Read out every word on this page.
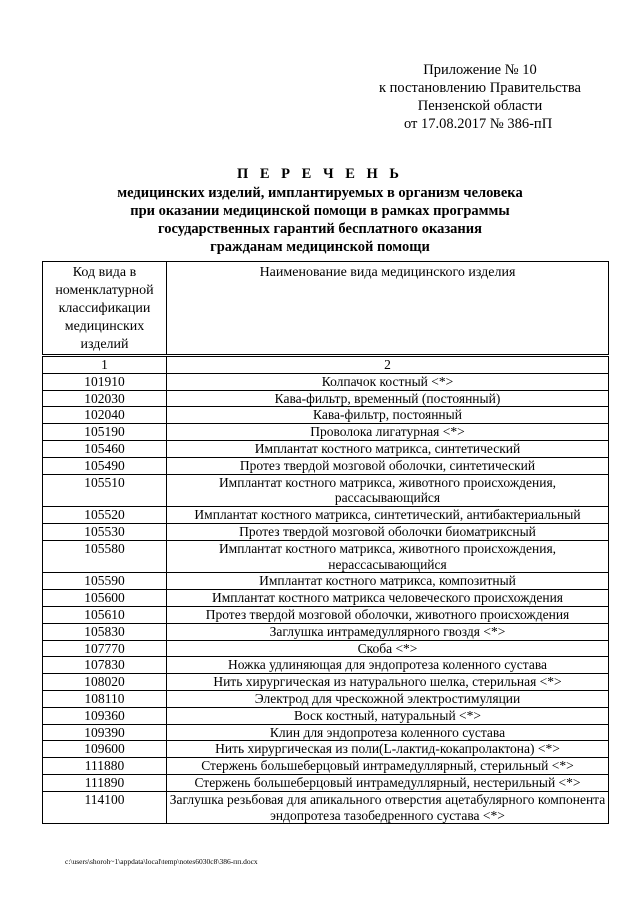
Приложение № 10
к постановлению Правительства
Пензенской области
от 17.08.2017 № 386-пП
П Е Р Е Ч Е Н Ь
медицинских изделий, имплантируемых в организм человека
при оказании медицинской помощи в рамках программы
государственных гарантий бесплатного оказания
гражданам медицинской помощи
Код вида в номенклатурной классификации медицинских изделий	Наименование вида медицинского изделия
1	2
101910	Колпачок костный <*>
102030	Кава-фильтр, временный (постоянный)
102040	Кава-фильтр, постоянный
105190	Проволока лигатурная <*>
105460	Имплантат костного матрикса, синтетический
105490	Протез твердой мозговой оболочки, синтетический
105510	Имплантат костного матрикса, животного происхождения, рассасывающийся
105520	Имплантат костного матрикса, синтетический, антибактериальный
105530	Протез твердой мозговой оболочки биоматриксный
105580	Имплантат костного матрикса, животного происхождения, нерассасывающийся
105590	Имплантат костного матрикса, композитный
105600	Имплантат костного матрикса человеческого происхождения
105610	Протез твердой мозговой оболочки, животного происхождения
105830	Заглушка интрамедуллярного гвоздя <*>
107770	Скоба <*>
107830	Ножка удлиняющая для эндопротеза коленного сустава
108020	Нить хирургическая из натурального шелка, стерильная <*>
108110	Электрод для чрескожной электростимуляции
109360	Воск костный, натуральный <*>
109390	Клин для эндопротеза коленного сустава
109600	Нить хирургическая из поли(L-лактид-кокапролактона) <*>
111880	Стержень большеберцовый интрамедуллярный, стерильный <*>
111890	Стержень большеберцовый интрамедуллярный, нестерильный <*>
114100	Заглушка резьбовая для апикального отверстия ацетабулярного компонента эндопротеза тазобедренного сустава <*>
c:\users\shoroh~1\appdata\local\temp\notes6030c8\386-пп.docx
